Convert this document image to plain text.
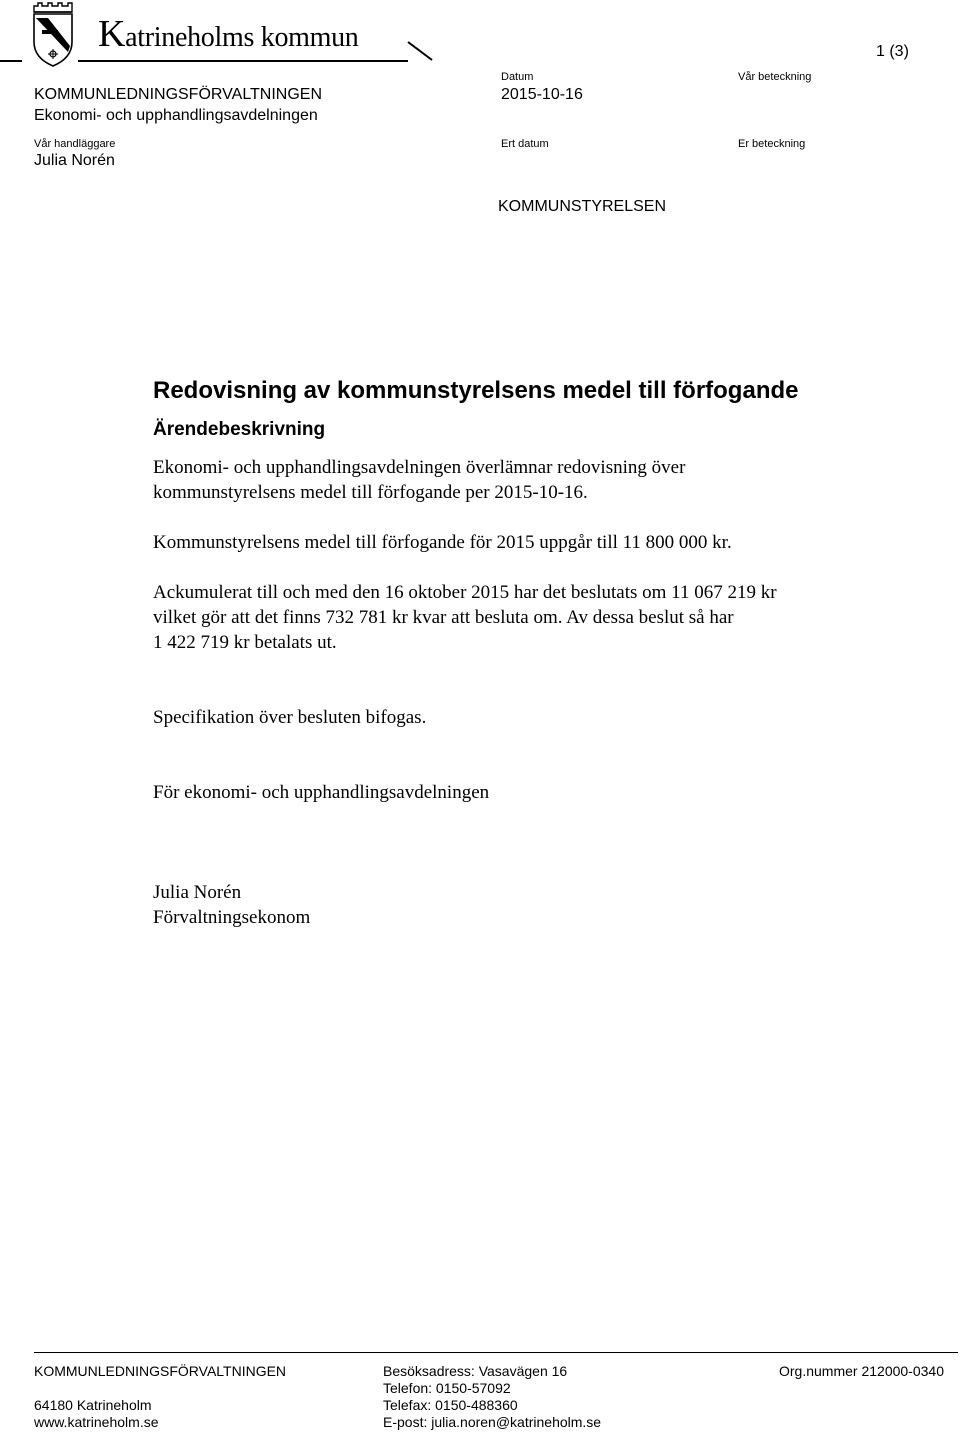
Katrineholms kommun	1 (3)
KOMMUNLEDNINGSFÖRVALTNINGEN
Ekonomi- och upphandlingsavdelningen
Datum
2015-10-16
Vår beteckning
Vår handläggare
Julia Norén
Ert datum	Er beteckning
KOMMUNSTYRELSEN
Redovisning av kommunstyrelsens medel till förfogande
Ärendebeskrivning
Ekonomi- och upphandlingsavdelningen överlämnar redovisning över
kommunstyrelsens medel till förfogande per 2015-10-16.
Kommunstyrelsens medel till förfogande för 2015 uppgår till 11 800 000 kr.
Ackumulerat till och med den 16 oktober 2015 har det beslutats om 11 067 219 kr
vilket gör att det finns 732 781 kr kvar att besluta om. Av dessa beslut så har
1 422 719 kr betalats ut.
Specifikation över besluten bifogas.
För ekonomi- och upphandlingsavdelningen
Julia Norén
Förvaltningsekonom
KOMMUNLEDNINGSFÖRVALTNINGEN
64180 Katrineholm
www.katrineholm.se
Besöksadress: Vasavägen 16
Telefon: 0150-57092
Telefax: 0150-488360
E-post: julia.noren@katrineholm.se
Org.nummer 212000-0340
